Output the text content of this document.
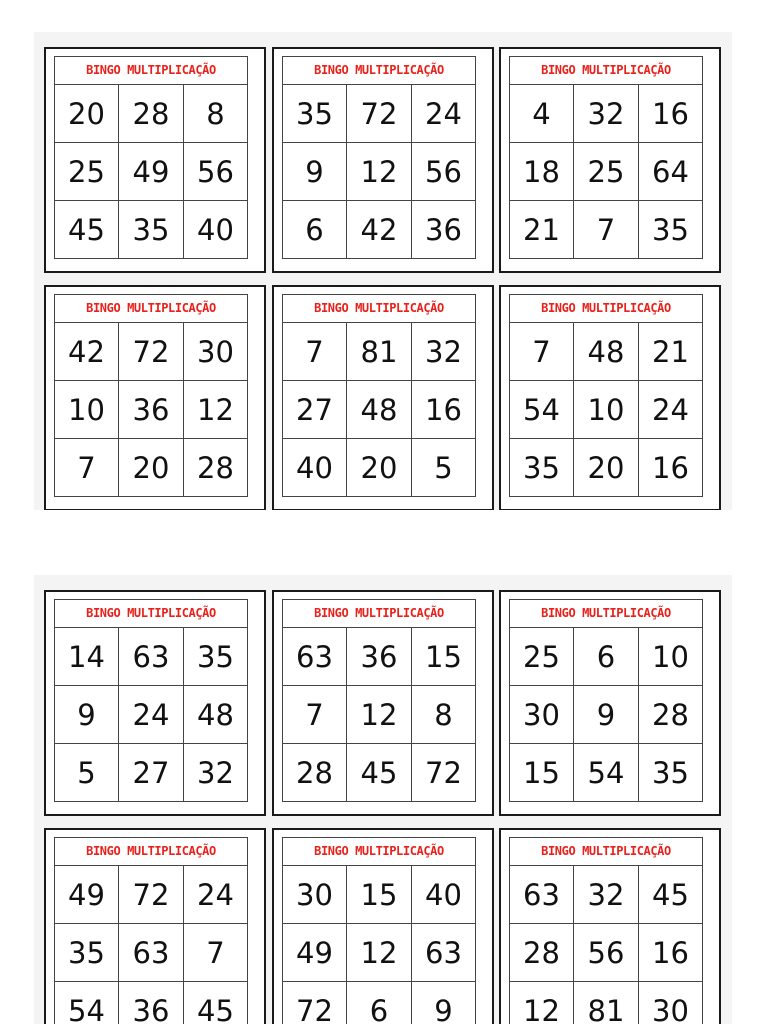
BINGO MULTIPLICAÇÃO
20 28	8
25 49 56
45 35 40
BINGO MULTIPLICAÇÃO
35 72 24
9	12 56
6	42 36
BINGO MULTIPLICAÇÃO
4	32 16
18 25 64
21	7	35
BINGO MULTIPLICAÇÃO
42 72 30
10 36 12
7	20 28
BINGO MULTIPLICAÇÃO
7	81 32
27 48 16
40 20	5
BINGO MULTIPLICAÇÃO
7	48 21
54 10 24
35 20 16
BINGO MULTIPLICAÇÃO
14 63 35
9	24 48
5	27 32
BINGO MULTIPLICAÇÃO
63 36 15
7	12	8
28 45 72
BINGO MULTIPLICAÇÃO
25	6	10
30	9	28
15 54 35
BINGO MULTIPLICAÇÃO
49 72 24
35 63	7
54 36 45
BINGO MULTIPLICAÇÃO
30 15 40
49 12 63
72	6	9
BINGO MULTIPLICAÇÃO
63 32 45
28 56 16
12 81 30
